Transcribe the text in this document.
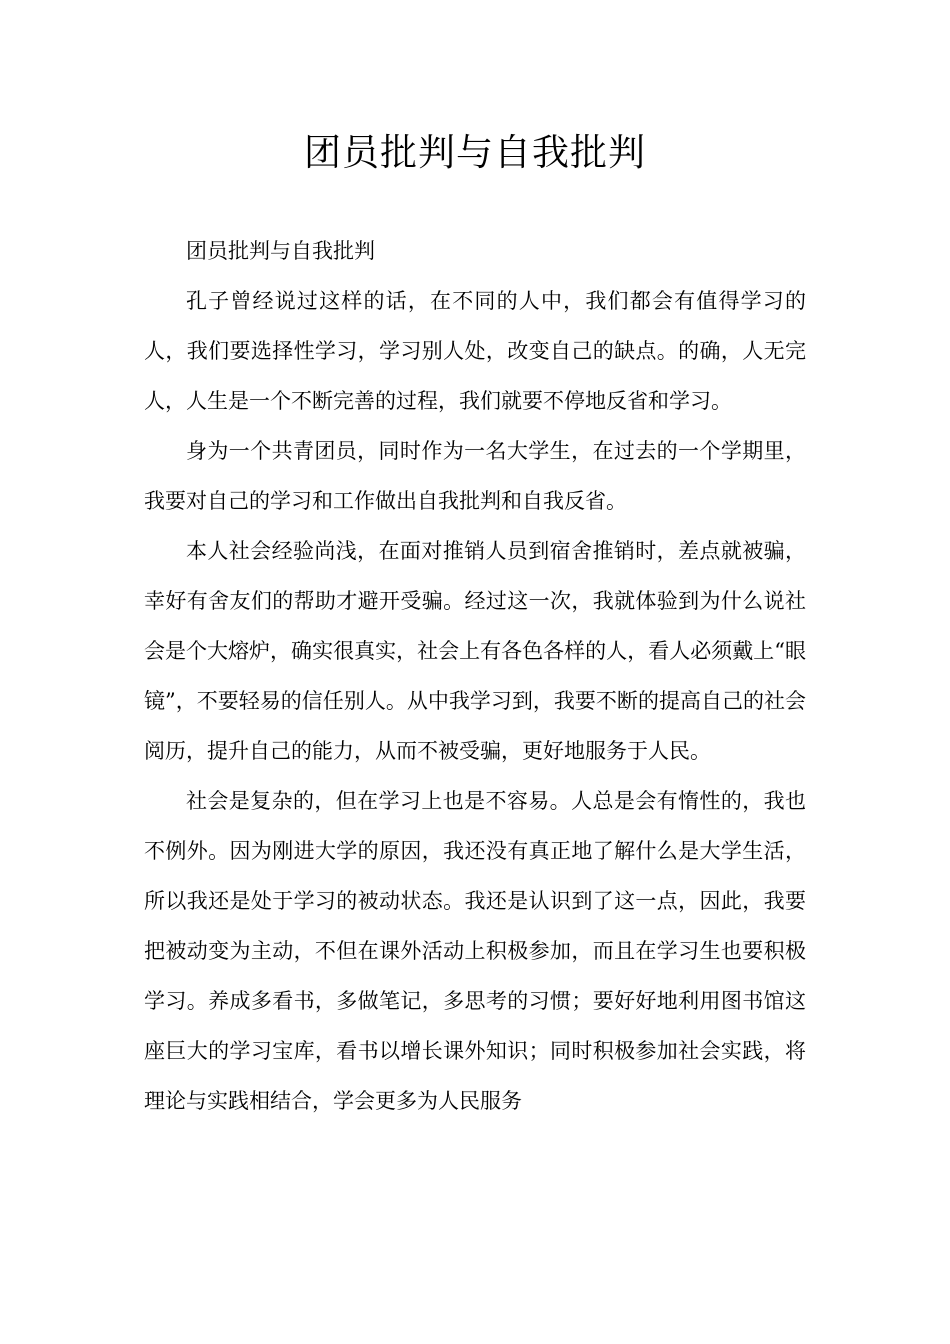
团员批判与自我批判

团员批判与自我批判

孔子曾经说过这样的话，在不同的人中，我们都会有值得学习的人，我们要选择性学习，学习别人处，改变自己的缺点。的确，人无完人，人生是一个不断完善的过程，我们就要不停地反省和学习。

身为一个共青团员，同时作为一名大学生，在过去的一个学期里，我要对自己的学习和工作做出自我批判和自我反省。

本人社会经验尚浅，在面对推销人员到宿舍推销时，差点就被骗，幸好有舍友们的帮助才避开受骗。经过这一次，我就体验到为什么说社会是个大熔炉，确实很真实，社会上有各色各样的人，看人必须戴上“眼镜”，不要轻易的信任别人。从中我学习到，我要不断的提高自己的社会阅历，提升自己的能力，从而不被受骗，更好地服务于人民。

社会是复杂的，但在学习上也是不容易。人总是会有惰性的，我也不例外。因为刚进大学的原因，我还没有真正地了解什么是大学生活，所以我还是处于学习的被动状态。我还是认识到了这一点，因此，我要把被动变为主动，不但在课外活动上积极参加，而且在学习生也要积极学习。养成多看书，多做笔记，多思考的习惯；要好好地利用图书馆这座巨大的学习宝库，看书以增长课外知识；同时积极参加社会实践，将理论与实践相结合，学会更多为人民服务
